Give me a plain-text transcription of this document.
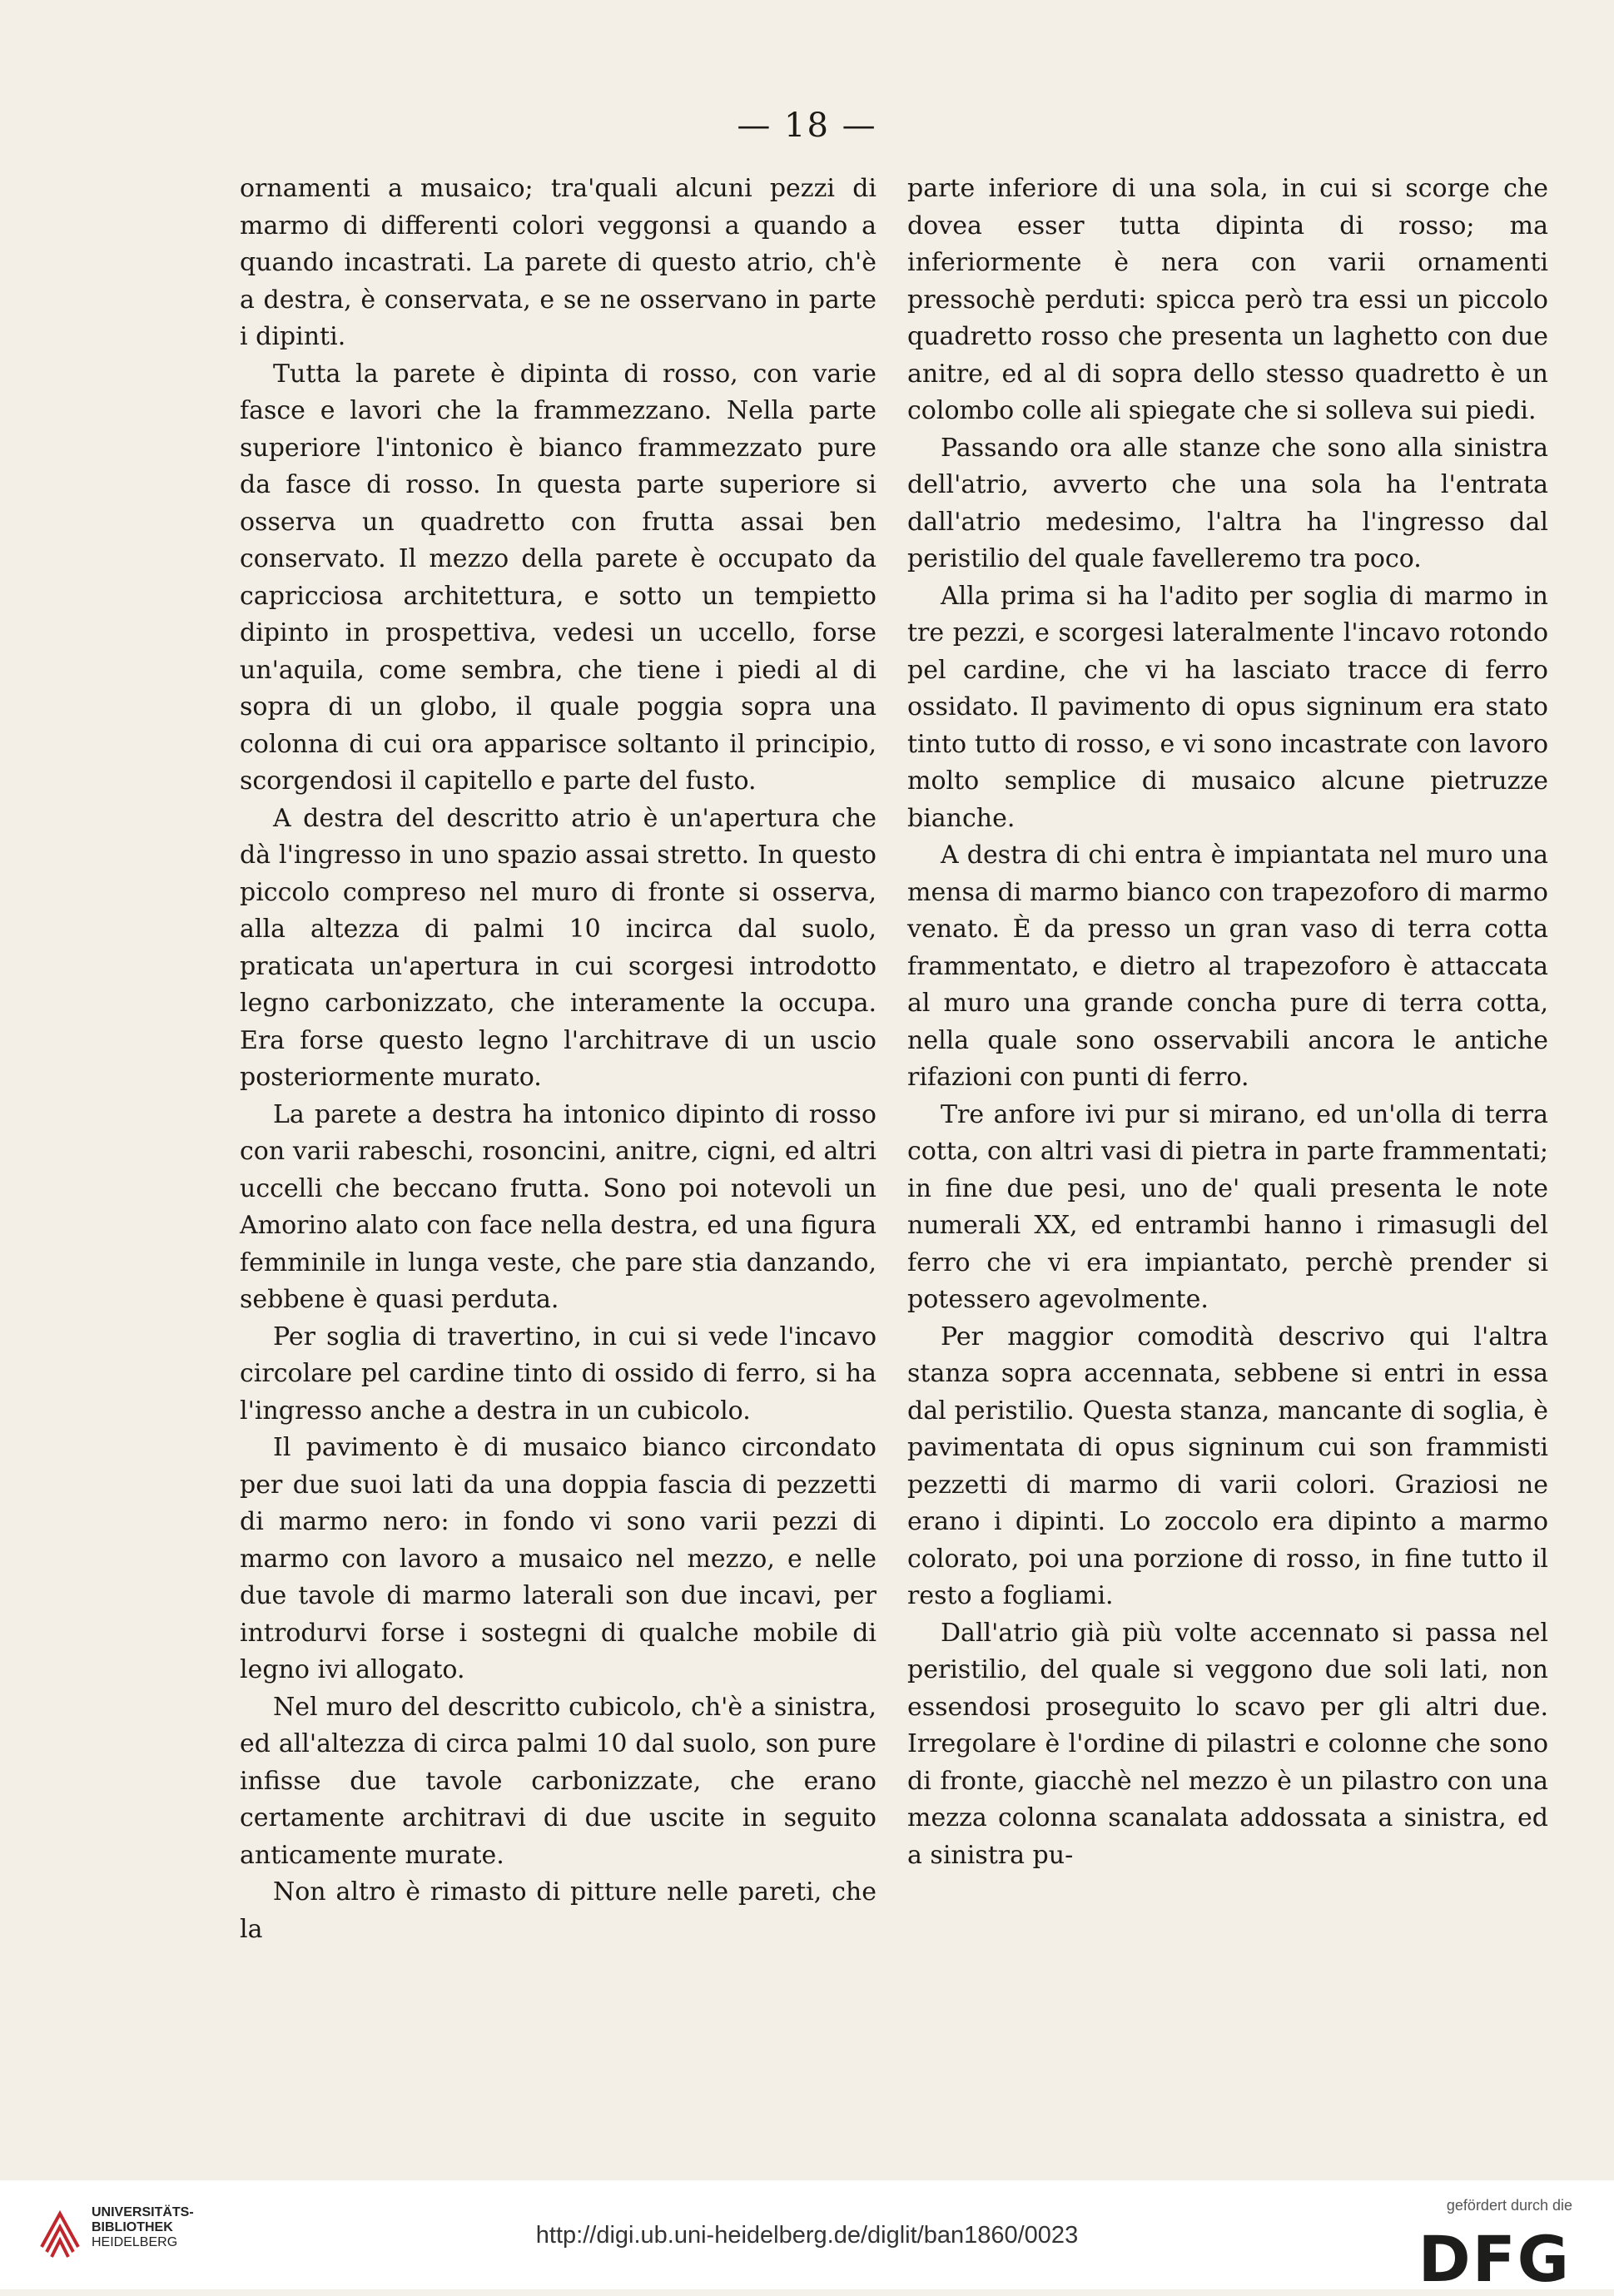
— 18 —

ornamenti a musaico; tra'quali alcuni pezzi di marmo di differenti colori veggonsi a quando a quando incastrati. La parete di questo atrio, ch'è a destra, è conservata, e se ne osservano in parte i dipinti.

Tutta la parete è dipinta di rosso, con varie fasce e lavori che la frammezzano. Nella parte superiore l'intonico è bianco frammezzato pure da fasce di rosso. In questa parte superiore si osserva un quadretto con frutta assai ben conservato. Il mezzo della parete è occupato da capricciosa architettura, e sotto un tempietto dipinto in prospettiva, vedesi un uccello, forse un'aquila, come sembra, che tiene i piedi al di sopra di un globo, il quale poggia sopra una colonna di cui ora apparisce soltanto il principio, scorgendosi il capitello e parte del fusto.

A destra del descritto atrio è un'apertura che dà l'ingresso in uno spazio assai stretto. In questo piccolo compreso nel muro di fronte si osserva, alla altezza di palmi 10 incirca dal suolo, praticata un'apertura in cui scorgesi introdotto legno carbonizzato, che interamente la occupa. Era forse questo legno l'architrave di un uscio posteriormente murato.

La parete a destra ha intonico dipinto di rosso con varii rabeschi, rosoncini, anitre, cigni, ed altri uccelli che beccano frutta. Sono poi notevoli un Amorino alato con face nella destra, ed una figura femminile in lunga veste, che pare stia danzando, sebbene è quasi perduta.

Per soglia di travertino, in cui si vede l'incavo circolare pel cardine tinto di ossido di ferro, si ha l'ingresso anche a destra in un cubicolo.

Il pavimento è di musaico bianco circondato per due suoi lati da una doppia fascia di pezzetti di marmo nero: in fondo vi sono varii pezzi di marmo con lavoro a musaico nel mezzo, e nelle due tavole di marmo laterali son due incavi, per introdurvi forse i sostegni di qualche mobile di legno ivi allogato.

Nel muro del descritto cubicolo, ch'è a sinistra, ed all'altezza di circa palmi 10 dal suolo, son pure infisse due tavole carbonizzate, che erano certamente architravi di due uscite in seguito anticamente murate.

Non altro è rimasto di pitture nelle pareti, che la

parte inferiore di una sola, in cui si scorge che dovea esser tutta dipinta di rosso; ma inferiormente è nera con varii ornamenti pressochè perduti: spicca però tra essi un piccolo quadretto rosso che presenta un laghetto con due anitre, ed al di sopra dello stesso quadretto è un colombo colle ali spiegate che si solleva sui piedi.

Passando ora alle stanze che sono alla sinistra dell'atrio, avverto che una sola ha l'entrata dall'atrio medesimo, l'altra ha l'ingresso dal peristilio del quale favelleremo tra poco.

Alla prima si ha l'adito per soglia di marmo in tre pezzi, e scorgesi lateralmente l'incavo rotondo pel cardine, che vi ha lasciato tracce di ferro ossidato. Il pavimento di opus signinum era stato tinto tutto di rosso, e vi sono incastrate con lavoro molto semplice di musaico alcune pietruzze bianche.

A destra di chi entra è impiantata nel muro una mensa di marmo bianco con trapezoforo di marmo venato. È da presso un gran vaso di terra cotta frammentato, e dietro al trapezoforo è attaccata al muro una grande concha pure di terra cotta, nella quale sono osservabili ancora le antiche rifazioni con punti di ferro.

Tre anfore ivi pur si mirano, ed un'olla di terra cotta, con altri vasi di pietra in parte frammentati; in fine due pesi, uno de' quali presenta le note numerali XX, ed entrambi hanno i rimasugli del ferro che vi era impiantato, perchè prender si potessero agevolmente.

Per maggior comodità descrivo qui l'altra stanza sopra accennata, sebbene si entri in essa dal peristilio. Questa stanza, mancante di soglia, è pavimentata di opus signinum cui son frammisti pezzetti di marmo di varii colori. Graziosi ne erano i dipinti. Lo zoccolo era dipinto a marmo colorato, poi una porzione di rosso, in fine tutto il resto a fogliami.

Dall'atrio già più volte accennato si passa nel peristilio, del quale si veggono due soli lati, non essendosi proseguito lo scavo per gli altri due. Irregolare è l'ordine di pilastri e colonne che sono di fronte, giacchè nel mezzo è un pilastro con una mezza colonna scanalata addossata a sinistra, ed a sinistra pu-

UNIVERSITÄTS-
BIBLIOTHEK
HEIDELBERG	http://digi.ub.uni-heidelberg.de/diglit/ban1860/0023
gefördert durch die
DFG
